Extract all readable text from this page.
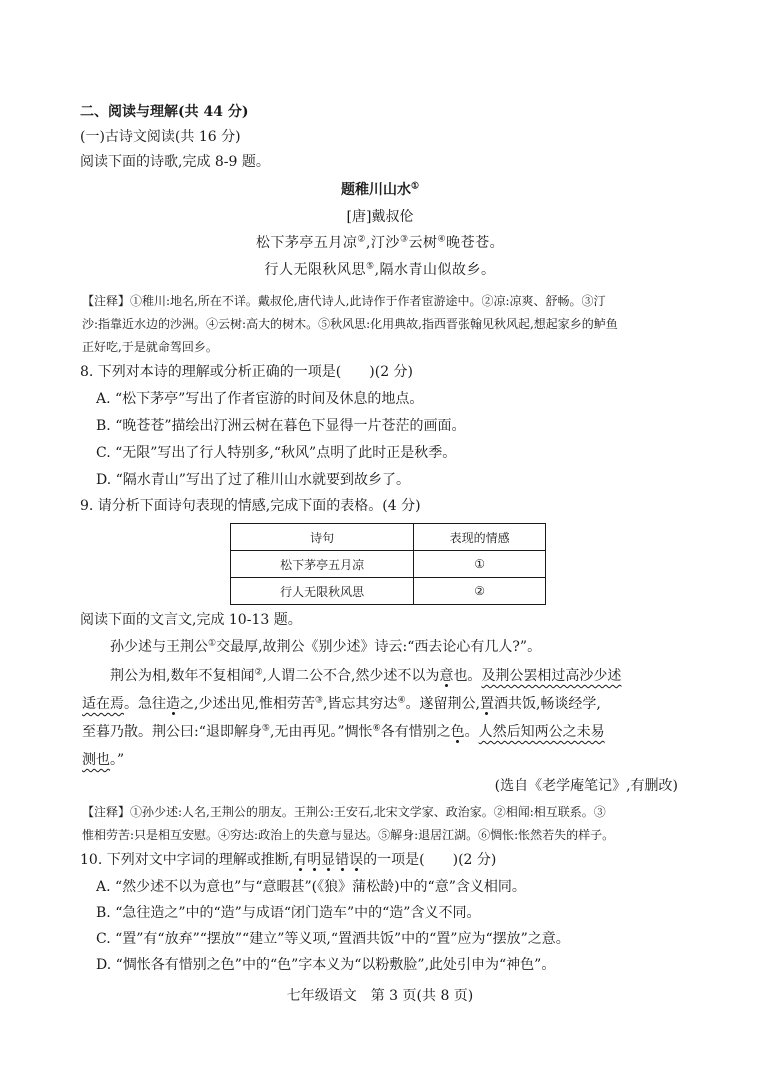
二、阅读与理解(共 44 分)
(一)古诗文阅读(共 16 分)
阅读下面的诗歌,完成 8-9 题。
题稚川山水①
[唐]戴叔伦
松下茅亭五月凉②,汀沙③云树④晚苍苍。
行人无限秋风思⑤,隔水青山似故乡。
【注释】①稚川:地名,所在不详。戴叔伦,唐代诗人,此诗作于作者宦游途中。②凉:凉爽、舒畅。③汀
沙:指靠近水边的沙洲。④云树:高大的树木。⑤秋风思:化用典故,指西晋张翰见秋风起,想起家乡的鲈鱼
正好吃,于是就命驾回乡。
8. 下列对本诗的理解或分析正确的一项是(　　)(2 分)
A. “松下茅亭”写出了作者宦游的时间及休息的地点。
B. “晚苍苍”描绘出汀洲云树在暮色下显得一片苍茫的画面。
C. “无限”写出了行人特别多,“秋风”点明了此时正是秋季。
D. “隔水青山”写出了过了稚川山水就要到故乡了。
9. 请分析下面诗句表现的情感,完成下面的表格。(4 分)
诗句	表现的情感
松下茅亭五月凉	①
行人无限秋风思	②
阅读下面的文言文,完成 10-13 题。
孙少述与王荆公①交最厚,故荆公《别少述》诗云:“西去论心有几人?”。
荆公为相,数年不复相闻②,人谓二公不合,然少述不以为意也。及荆公罢相过高沙少述
适在焉。急往造之,少述出见,惟相劳苦③,皆忘其穷达④。遂留荆公,置酒共饭,畅谈经学,
至暮乃散。荆公曰:“退即解身⑤,无由再见。”惆怅⑥各有惜别之色。人然后知两公之未易
测也。”
(选自《老学庵笔记》,有删改)
【注释】①孙少述:人名,王荆公的朋友。王荆公:王安石,北宋文学家、政治家。②相闻:相互联系。③
惟相劳苦:只是相互安慰。④穷达:政治上的失意与显达。⑤解身:退居江湖。⑥惆怅:怅然若失的样子。
10. 下列对文中字词的理解或推断,有明显错误的一项是(　　)(2 分)
A. “然少述不以为意也”与“意暇甚”(《狼》蒲松龄)中的“意”含义相同。
B. “急往造之”中的“造”与成语“闭门造车”中的“造”含义不同。
C. “置”有“放弃”“摆放”“建立”等义项,“置酒共饭”中的“置”应为“摆放”之意。
D. “惆怅各有惜别之色”中的“色”字本义为“以粉敷脸”,此处引申为“神色”。
七年级语文　第 3 页(共 8 页)
